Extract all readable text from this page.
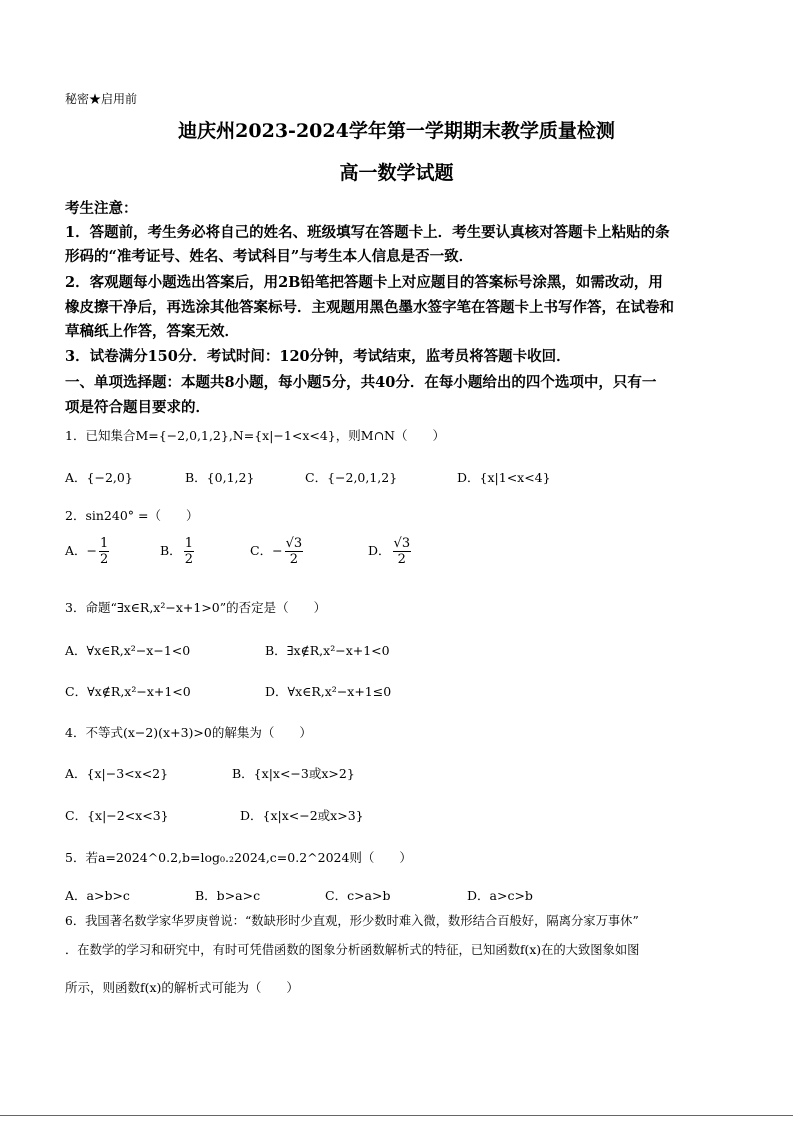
秘密★启用前
迪庆州2023-2024学年第一学期期末教学质量检测
高一数学试题
考生注意：
1．答题前，考生务必将自己的姓名、班级填写在答题卡上．考生要认真核对答题卡上粘贴的条
形码的“准考证号、姓名、考试科目”与考生本人信息是否一致．
2．客观题每小题选出答案后，用2B铅笔把答题卡上对应题目的答案标号涂黑，如需改动，用
橡皮擦干净后，再选涂其他答案标号．主观题用黑色墨水签字笔在答题卡上书写作答，在试卷和
草稿纸上作答，答案无效．
3．试卷满分150分．考试时间：120分钟，考试结束，监考员将答题卡收回．
一、单项选择题：本题共8小题，每小题5分，共40分．在每小题给出的四个选项中，只有一
项是符合题目要求的．
1．已知集合M={−2,0,1,2},N={x|−1<x<4}，则M∩N（　　）
A．{−2,0}	B．{0,1,2}	C．{−2,0,1,2}	D．{x|1<x<4}
2．sin240° =（　　）
A．− $\frac{1}{2}$	B． $\frac{1}{2}$	C．− $\frac{√3}{2}$	D． $\frac{√3}{2}$
3．命题“∃x∈R,x²−x+1>0”的否定是（　　）
A．∀x∈R,x²−x−1<0	B．∃x∉R,x²−x+1<0
C．∀x∉R,x²−x+1<0	D．∀x∈R,x²−x+1≤0
4．不等式(x−2)(x+3)>0的解集为（　　）
A．{x|−3<x<2}	B．{x|x<−3或x>2}
C．{x|−2<x<3}	D．{x|x<−2或x>3}
5．若a=2024^0.2,b=log₀.₂2024,c=0.2^2024则（　　）
A．a>b>c	B．b>a>c	C．c>a>b	D．a>c>b
6．我国著名数学家华罗庚曾说：“数缺形时少直观，形少数时难入微，数形结合百般好，隔离分家万事休”
．在数学的学习和研究中，有时可凭借函数的图象分析函数解析式的特征，已知函数f(x)在的大致图象如图
所示，则函数f(x)的解析式可能为（　　）
